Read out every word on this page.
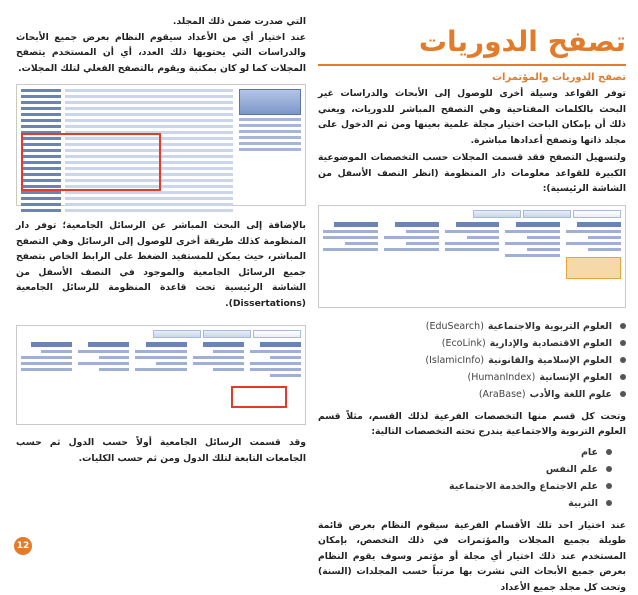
تصفح الدوريات
تصفح الدوريات والمؤتمرات

توفر القواعد وسيلة أخرى للوصول إلى الأبحاث والدراسات غير البحث بالكلمات المفتاحية وهي التصفح المباشر للدوريات، ويعني ذلك أن بإمكان الباحث اختيار مجلة علمية بعينها ومن ثم الدخول على مجلد ذاتها وتصفح أعدادها مباشرة.

ولتسهيل التصفح فقد قسمت المجلات حسب التخصصات الموضوعية الكبيرة للقواعد معلومات دار المنظومة (انظر النصف الأسفل من الشاشة الرئيسية):

العلوم التربوية والاجتماعية
(EduSearch)
العلوم الاقتصادية والإدارية
(EcoLink)
العلوم الإسلامية والقانونية
(IslamicInfo)
العلوم الإنسانية
(HumanIndex)
علوم اللغة والأدب
(AraBase)

وتحت كل قسم منها التخصصات الفرعية لذلك القسم، مثلاً قسم العلوم التربوية والاجتماعية يندرج تحته التخصصات التالية:

عام
علم النفس
علم الاجتماع والخدمة الاجتماعية
التربية

عند اختيار احد تلك الأقسام الفرعية سيقوم النظام بعرض قائمة طويلة بجميع المجلات والمؤتمرات في ذلك التخصص، بإمكان المستخدم عند ذلك اختيار أي مجلة أو مؤتمر وسوف يقوم النظام بعرض جميع الأبحاث التي نشرت بها مرتباً حسب المجلدات (السنة) وتحت كل مجلد جميع الأعداد

التي صدرت ضمن ذلك المجلد.

عند اختيار أي من الأعداد سيقوم النظام بعرض جميع الأبحاث والدراسات التي يحتويها ذلك العدد، أي أن المستخدم يتصفح المجلات كما لو كان بمكتبة ويقوم بالتصفح الفعلي لتلك المجلات.

بالإضافة إلى البحث المباشر عن الرسائل الجامعية؛ توفر دار المنظومة كذلك طريقة أخرى للوصول إلى الرسائل وهي التصفح المباشر، حيث يمكن للمستفيد الضغط على الرابط الخاص بتصفح جميع الرسائل الجامعية والموجود في النصف الأسفل من الشاشة الرئيسية تحت قاعدة المنظومة للرسائل الجامعية (Dissertations).

وقد قسمت الرسائل الجامعية أولاً حسب الدول ثم حسب الجامعات التابعة لتلك الدول ومن ثم حسب الكليات.

12
